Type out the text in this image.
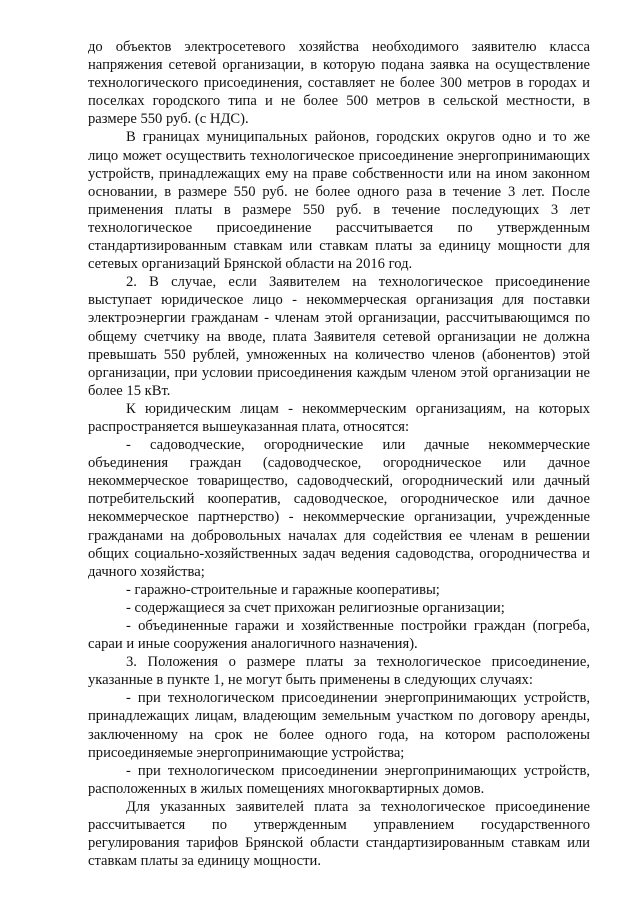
до объектов электросетевого хозяйства необходимого заявителю класса напряжения сетевой организации, в которую подана заявка на осуществление технологического присоединения, составляет не более 300 метров в городах и поселках городского типа и не более 500 метров в сельской местности, в размере 550 руб. (с НДС).

В границах муниципальных районов, городских округов одно и то же лицо может осуществить технологическое присоединение энергопринимающих устройств, принадлежащих ему на праве собственности или на ином законном основании, в размере 550 руб. не более одного раза в течение 3 лет. После применения платы в размере 550 руб. в течение последующих 3 лет технологическое присоединение рассчитывается по утвержденным стандартизированным ставкам или ставкам платы за единицу мощности для сетевых организаций Брянской области на 2016 год.

2. В случае, если Заявителем на технологическое присоединение выступает юридическое лицо - некоммерческая организация для поставки электроэнергии гражданам - членам этой организации, рассчитывающимся по общему счетчику на вводе, плата Заявителя сетевой организации не должна превышать 550 рублей, умноженных на количество членов (абонентов) этой организации, при условии присоединения каждым членом этой организации не более 15 кВт.

К юридическим лицам - некоммерческим организациям, на которых распространяется вышеуказанная плата, относятся:

- садоводческие, огороднические или дачные некоммерческие объединения граждан (садоводческое, огородническое или дачное некоммерческое товарищество, садоводческий, огороднический или дачный потребительский кооператив, садоводческое, огородническое или дачное некоммерческое партнерство) - некоммерческие организации, учрежденные гражданами на добровольных началах для содействия ее членам в решении общих социально-хозяйственных задач ведения садоводства, огородничества и дачного хозяйства;

- гаражно-строительные и гаражные кооперативы;

- содержащиеся за счет прихожан религиозные организации;

- объединенные гаражи и хозяйственные постройки граждан (погреба, сараи и иные сооружения аналогичного назначения).

3. Положения о размере платы за технологическое присоединение, указанные в пункте 1, не могут быть применены в следующих случаях:

- при технологическом присоединении энергопринимающих устройств, принадлежащих лицам, владеющим земельным участком по договору аренды, заключенному на срок не более одного года, на котором расположены присоединяемые энергопринимающие устройства;

- при технологическом присоединении энергопринимающих устройств, расположенных в жилых помещениях многоквартирных домов.

Для указанных заявителей плата за технологическое присоединение рассчитывается по утвержденным управлением государственного регулирования тарифов Брянской области стандартизированным ставкам или ставкам платы за единицу мощности.
